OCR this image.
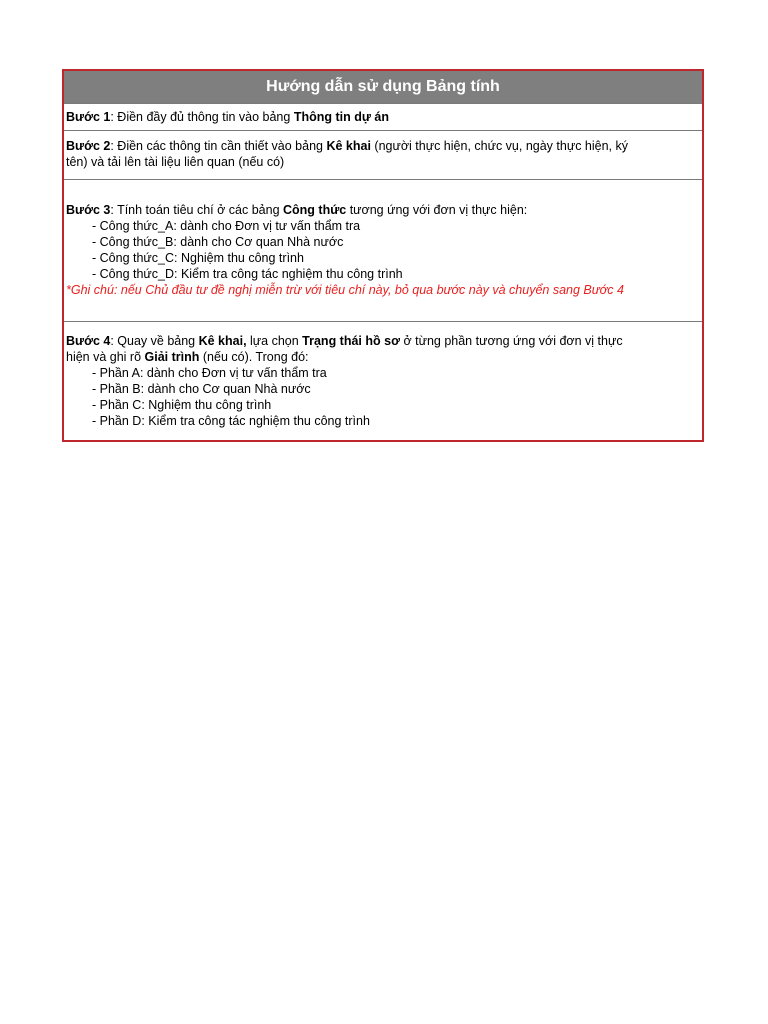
Hướng dẫn sử dụng Bảng tính
Bước 1: Điền đầy đủ thông tin vào bảng Thông tin dự án
Bước 2: Điền các thông tin cần thiết vào bảng Kê khai (người thực hiện, chức vụ, ngày thực hiện, ký
tên) và tải lên tài liệu liên quan (nếu có)
Bước 3: Tính toán tiêu chí ở các bảng Công thức tương ứng với đơn vị thực hiện:
- Công thức_A: dành cho Đơn vị tư vấn thẩm tra
- Công thức_B: dành cho Cơ quan Nhà nước
- Công thức_C: Nghiệm thu công trình
- Công thức_D: Kiểm tra công tác nghiệm thu công trình
*Ghi chú: nếu Chủ đầu tư đề nghị miễn trừ với tiêu chí này, bỏ qua bước này và chuyển sang Bước 4
Bước 4: Quay về bảng Kê khai, lựa chọn Trạng thái hồ sơ ở từng phần tương ứng với đơn vị thực
hiện và ghi rõ Giải trình (nếu có). Trong đó:
- Phần A: dành cho Đơn vị tư vấn thẩm tra
- Phần B: dành cho Cơ quan Nhà nước
- Phần C: Nghiệm thu công trình
- Phần D: Kiểm tra công tác nghiệm thu công trình
